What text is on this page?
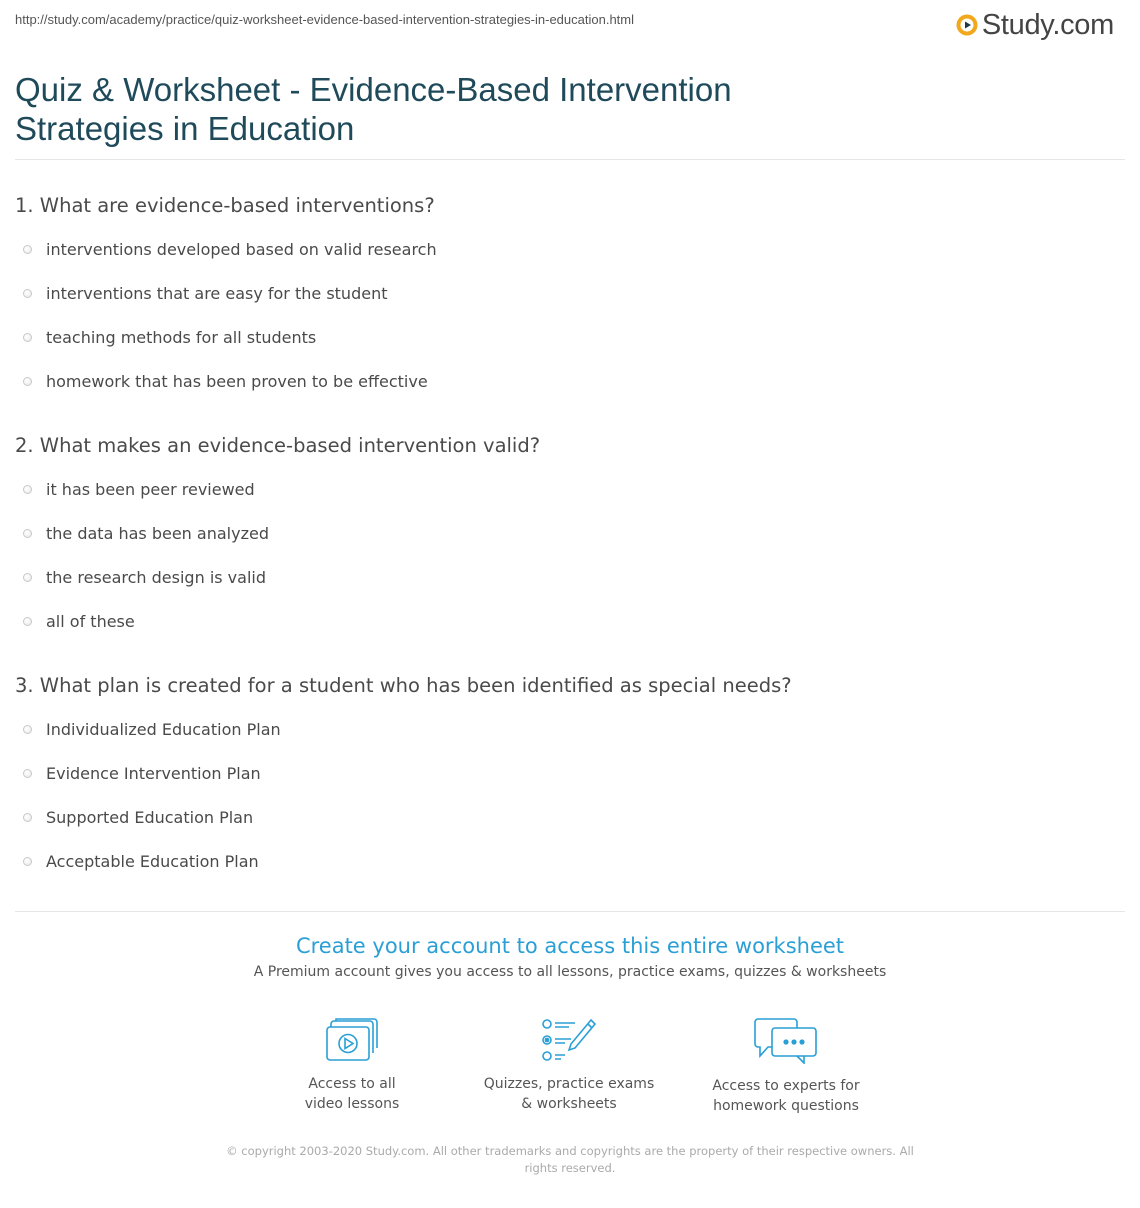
http://study.com/academy/practice/quiz-worksheet-evidence-based-intervention-strategies-in-education.html	Study.com
Quiz & Worksheet - Evidence-Based Intervention Strategies in Education
1. What are evidence-based interventions?
interventions developed based on valid research
interventions that are easy for the student
teaching methods for all students
homework that has been proven to be effective
2. What makes an evidence-based intervention valid?
it has been peer reviewed
the data has been analyzed
the research design is valid
all of these
3. What plan is created for a student who has been identified as special needs?
Individualized Education Plan
Evidence Intervention Plan
Supported Education Plan
Acceptable Education Plan
Create your account to access this entire worksheet
A Premium account gives you access to all lessons, practice exams, quizzes & worksheets
Access to all
video lessons
Quizzes, practice exams
& worksheets
Access to experts for
homework questions
© copyright 2003-2020 Study.com. All other trademarks and copyrights are the property of their respective owners. All rights reserved.
